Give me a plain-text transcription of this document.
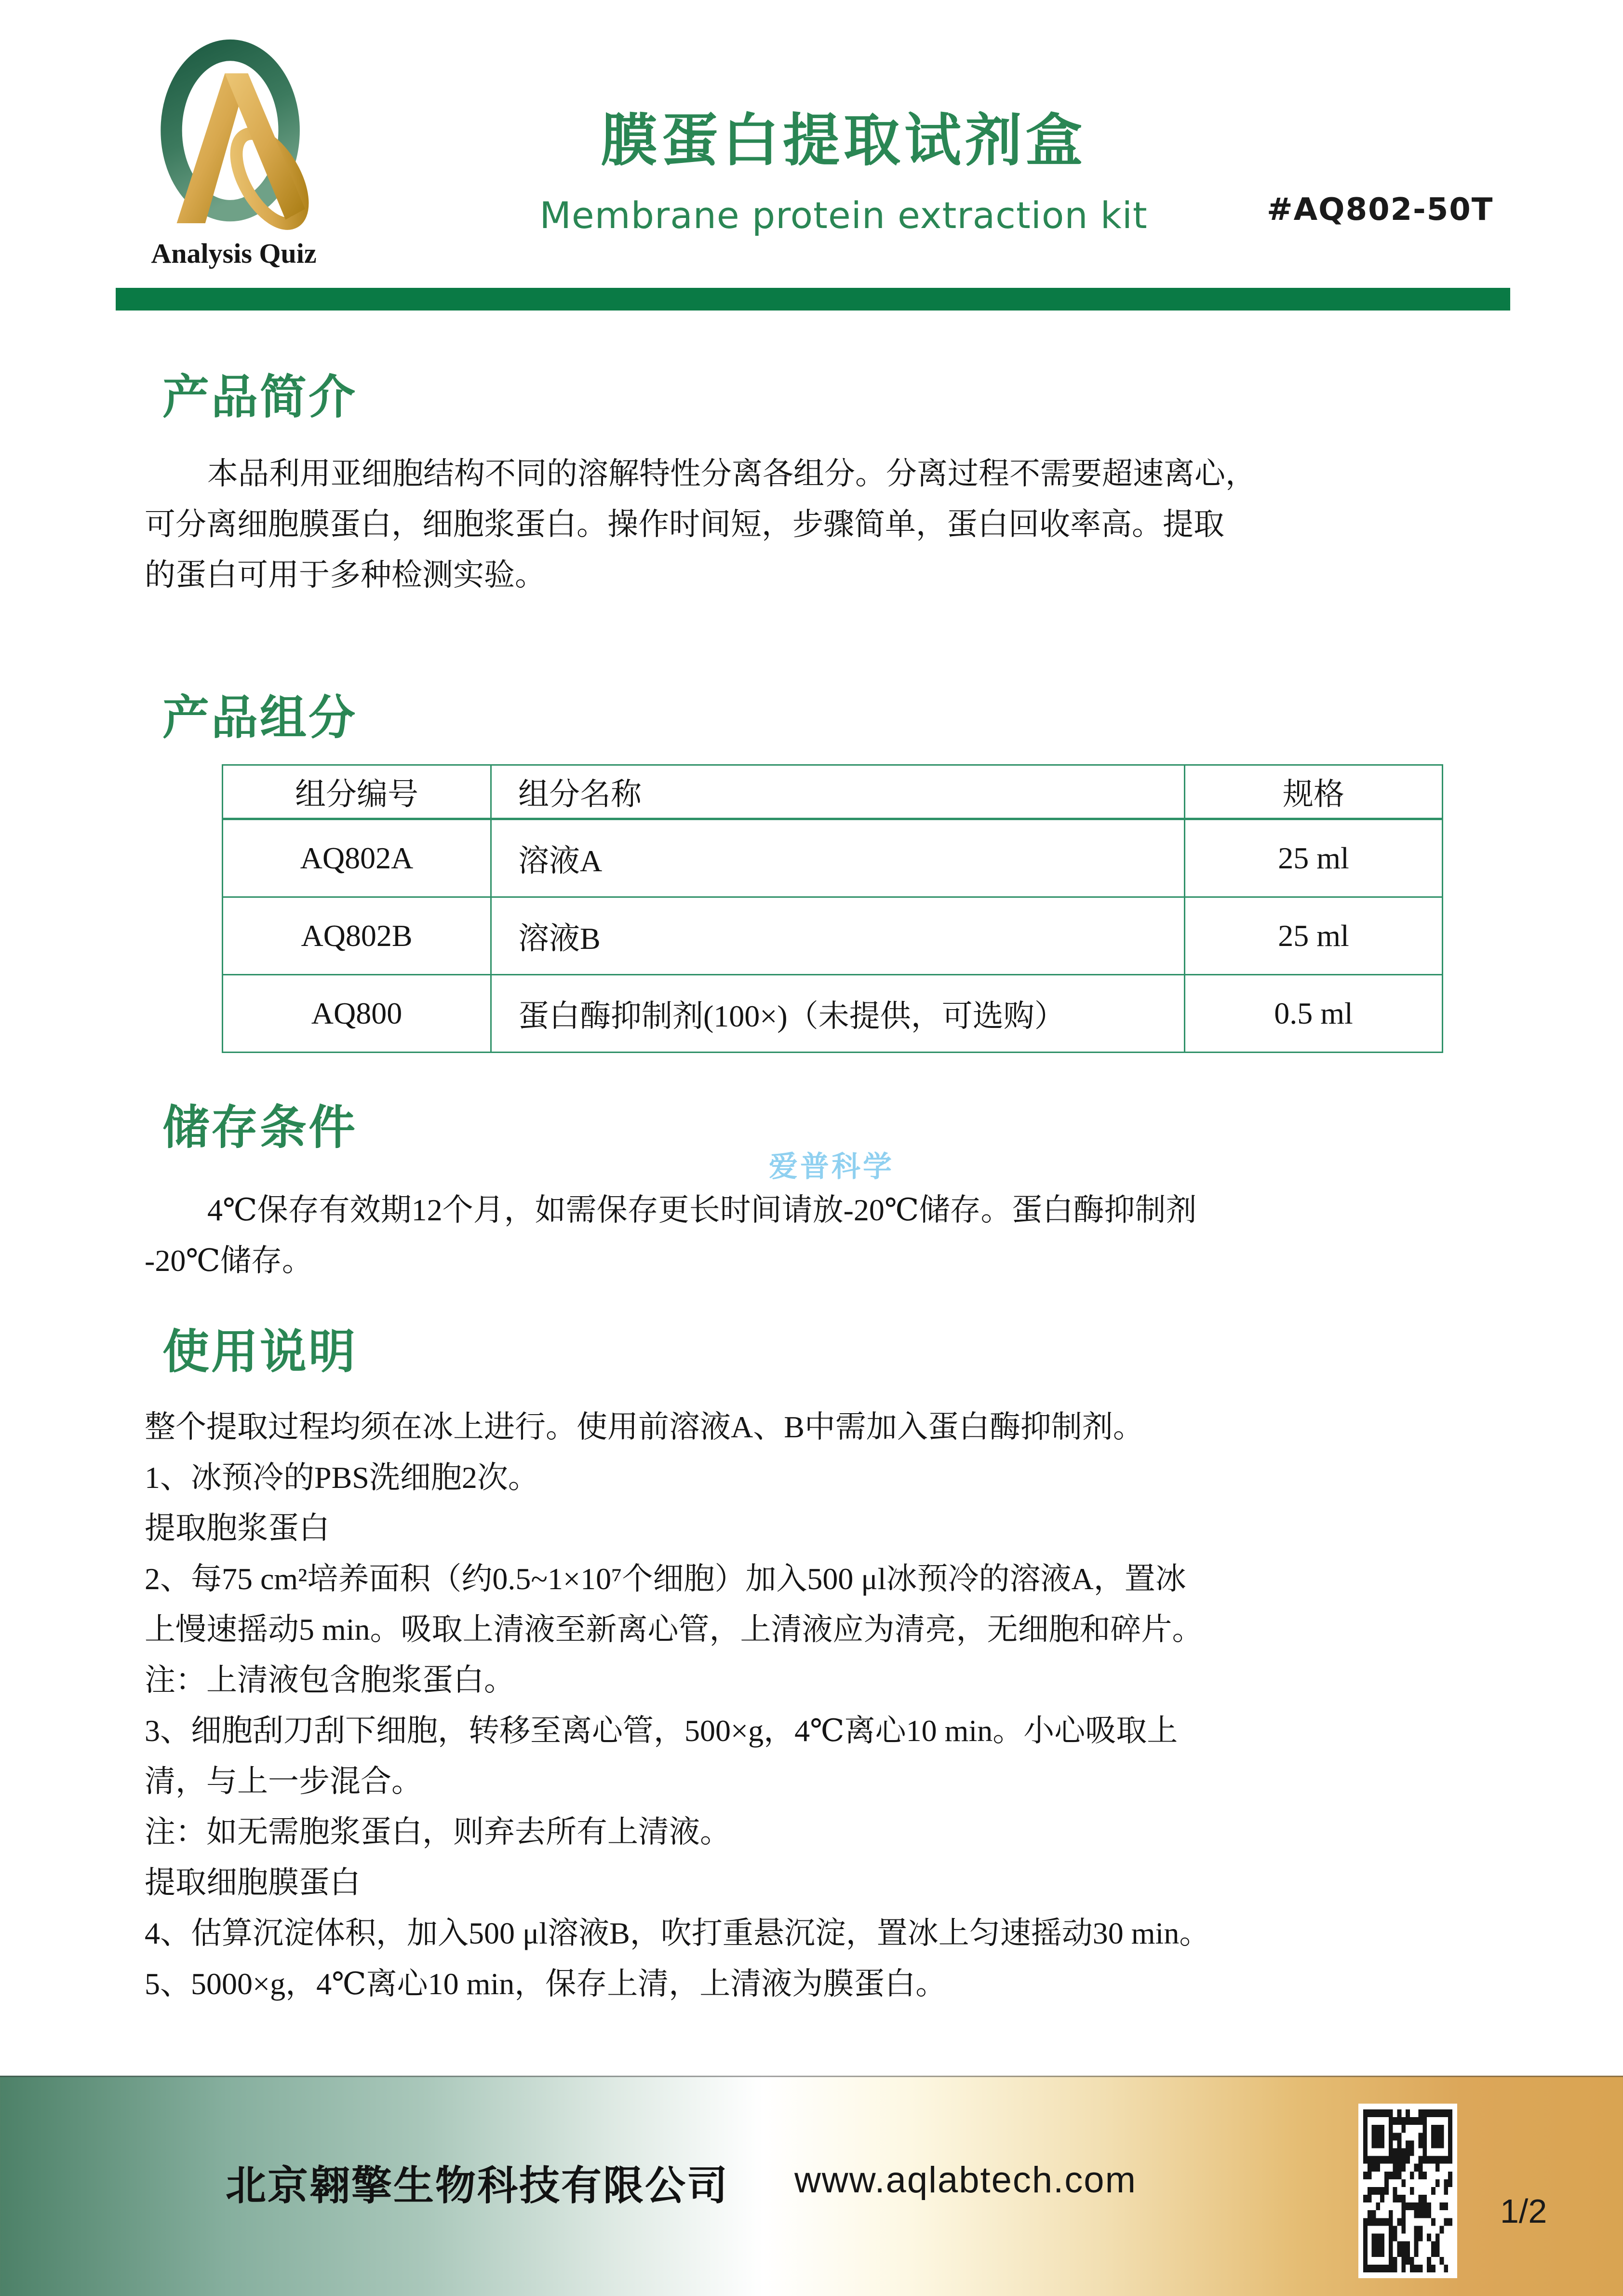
Analysis Quiz
膜蛋白提取试剂盒
Membrane protein extraction kit	#AQ802-50T
产品简介

本品利用亚细胞结构不同的溶解特性分离各组分。分离过程不需要超速离心，

可分离细胞膜蛋白，细胞浆蛋白。操作时间短，步骤简单，蛋白回收率高。提取

的蛋白可用于多种检测实验。

产品组分
组分编号	组分名称	规格
AQ802A	溶液A	25 ml
AQ802B	溶液B	25 ml
AQ800	蛋白酶抑制剂(100×)（未提供，可选购）	0.5 ml
爱普科学
储存条件

4℃保存有效期12个月，如需保存更长时间请放-20℃储存。蛋白酶抑制剂

-20℃储存。

使用说明

整个提取过程均须在冰上进行。使用前溶液A、B中需加入蛋白酶抑制剂。

1、冰预冷的PBS洗细胞2次。

提取胞浆蛋白

2、每75 cm²培养面积（约0.5~1×10⁷个细胞）加入500 μl冰预冷的溶液A，置冰

上慢速摇动5 min。吸取上清液至新离心管，上清液应为清亮，无细胞和碎片。

注：上清液包含胞浆蛋白。

3、细胞刮刀刮下细胞，转移至离心管，500×g，4℃离心10 min。小心吸取上

清，与上一步混合。

注：如无需胞浆蛋白，则弃去所有上清液。

提取细胞膜蛋白

4、估算沉淀体积，加入500 μl溶液B，吹打重悬沉淀，置冰上匀速摇动30 min。

5、5000×g，4℃离心10 min，保存上清，上清液为膜蛋白。

北京翱擎生物科技有限公司 www.aqlabtech.com
1/2
